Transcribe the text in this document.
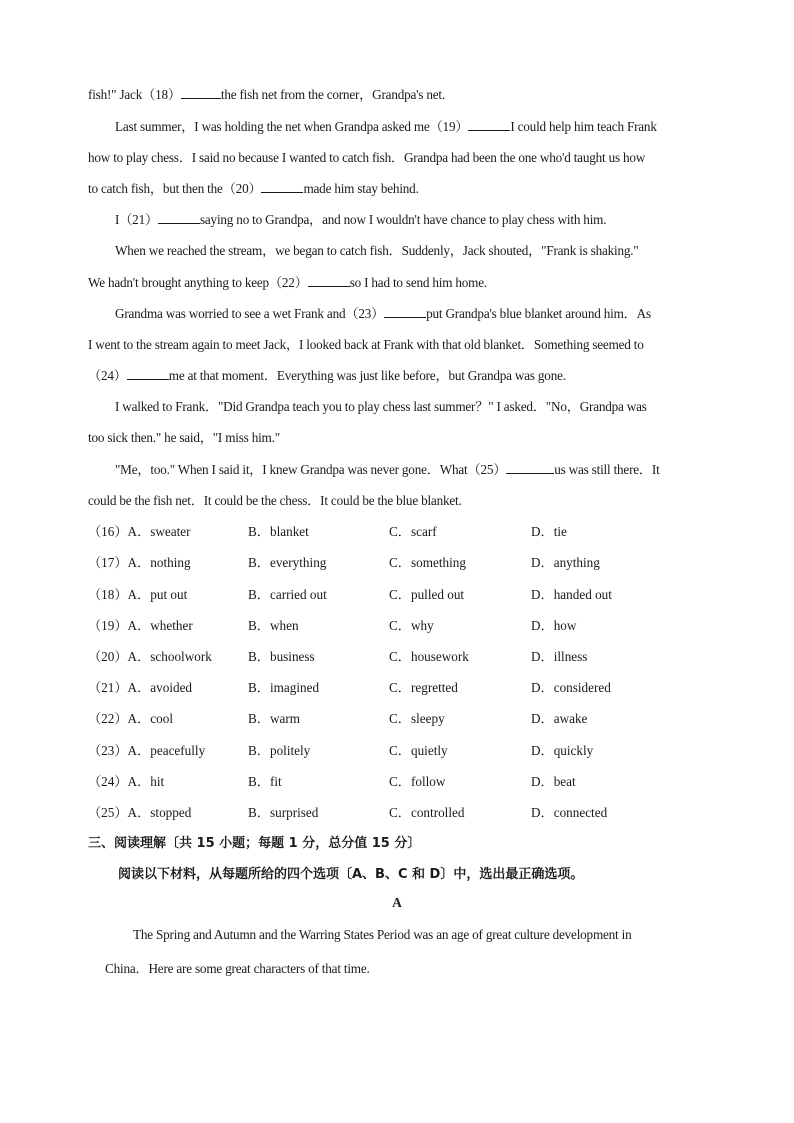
fish!" Jack（18）	the fish net from the corner，Grandpa's net.
Last summer，I was holding the net when Grandpa asked me（19）	I could help him teach Frank
how to play chess．I said no because I wanted to catch fish．Grandpa had been the one who'd taught us how
to catch fish，but then the（20）	made him stay behind.
I（21）	saying no to Grandpa，and now I wouldn't have chance to play chess with him.
When we reached the stream，we began to catch fish．Suddenly，Jack shouted，"Frank is shaking."
We hadn't brought anything to keep（22）	so I had to send him home.
Grandma was worried to see a wet Frank and（23）	put Grandpa's blue blanket around him．As
I went to the stream again to meet Jack，I looked back at Frank with that old blanket．Something seemed to
（24）	me at that moment．Everything was just like before，but Grandpa was gone.
I walked to Frank．"Did Grandpa teach you to play chess last summer？" I asked．"No，Grandpa was
too sick then." he said，"I miss him."
"Me，too." When I said it，I knew Grandpa was never gone．What（25）	us was still there．It
could be the fish net．It could be the chess．It could be the blue blanket.
（16）A．sweater	B．blanket	C．scarf	D．tie
（17）A．nothing	B．everything	C．something	D．anything
（18）A．put out	B．carried out	C．pulled out	D．handed out
（19）A．whether	B．when	C．why	D．how
（20）A．schoolwork	B．business	C．housework	D．illness
（21）A．avoided	B．imagined	C．regretted	D．considered
（22）A．cool	B．warm	C．sleepy	D．awake
（23）A．peacefully	B．politely	C．quietly	D．quickly
（24）A．hit	B．fit	C．follow	D．beat
（25）A．stopped	B．surprised	C．controlled	D．connected
三、阅读理解〔共 15 小题；每题 1 分，总分值 15 分〕
阅读以下材料，从每题所给的四个选项〔A、B、C 和 D〕中，选出最正确选项。
A
The Spring and Autumn and the Warring States Period was an age of great culture development in
China．Here are some great characters of that time.
